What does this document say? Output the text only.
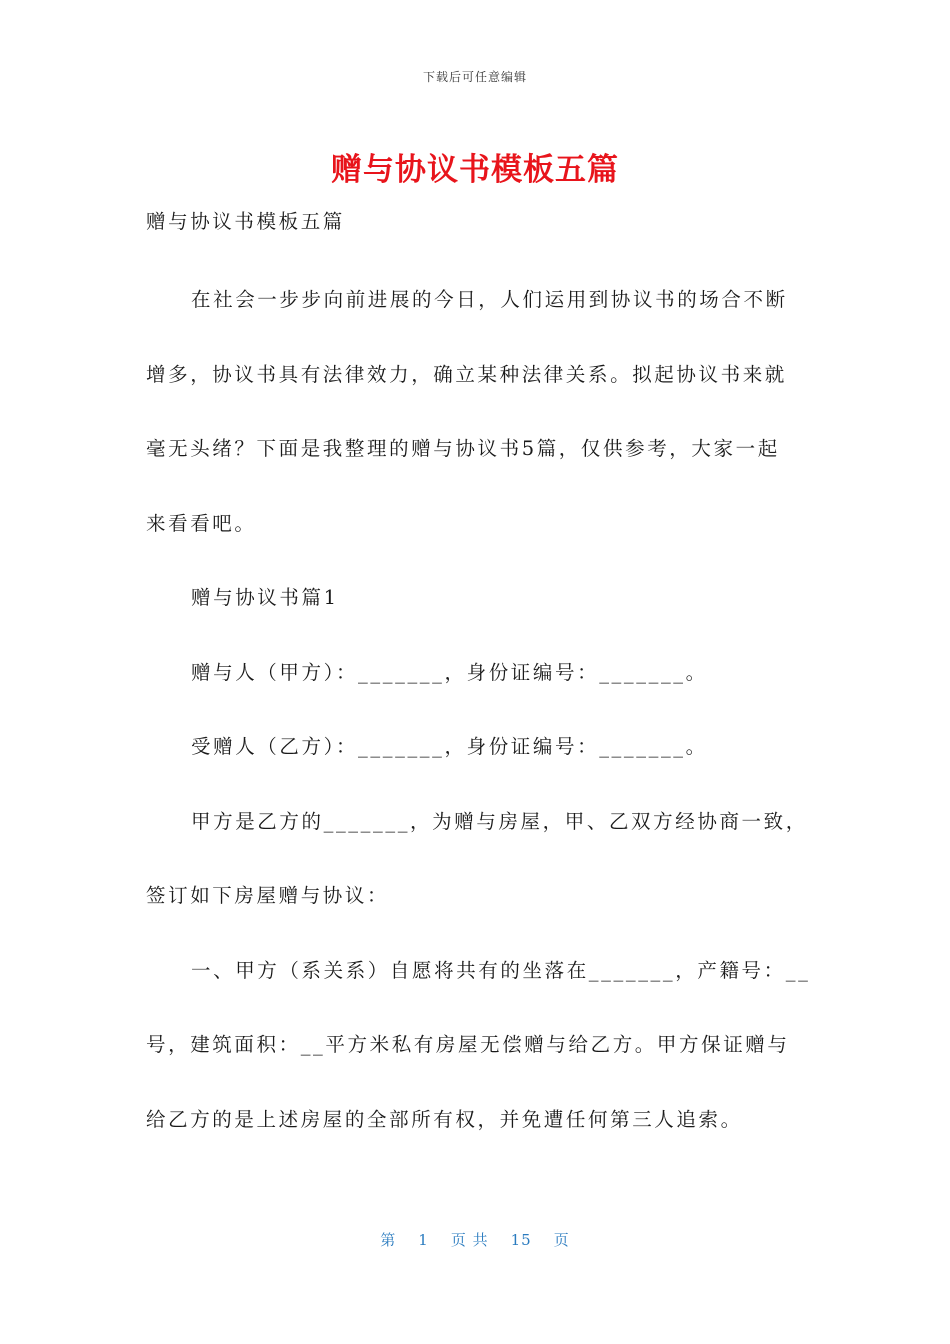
下载后可任意编辑
赠与协议书模板五篇
赠与协议书模板五篇
在社会一步步向前进展的今日，人们运用到协议书的场合不断
增多，协议书具有法律效力，确立某种法律关系。拟起协议书来就
毫无头绪？下面是我整理的赠与协议书5篇，仅供参考，大家一起
来看看吧。
赠与协议书篇1
赠与人（甲方）：_______，身份证编号：_______。
受赠人（乙方）：_______，身份证编号：_______。
甲方是乙方的_______，为赠与房屋，甲、乙双方经协商一致，
签订如下房屋赠与协议：
一、甲方（系关系）自愿将共有的坐落在_______，产籍号：__
号，建筑面积：__平方米私有房屋无偿赠与给乙方。甲方保证赠与
给乙方的是上述房屋的全部所有权，并免遭任何第三人追索。
第 1 页 共 15 页
